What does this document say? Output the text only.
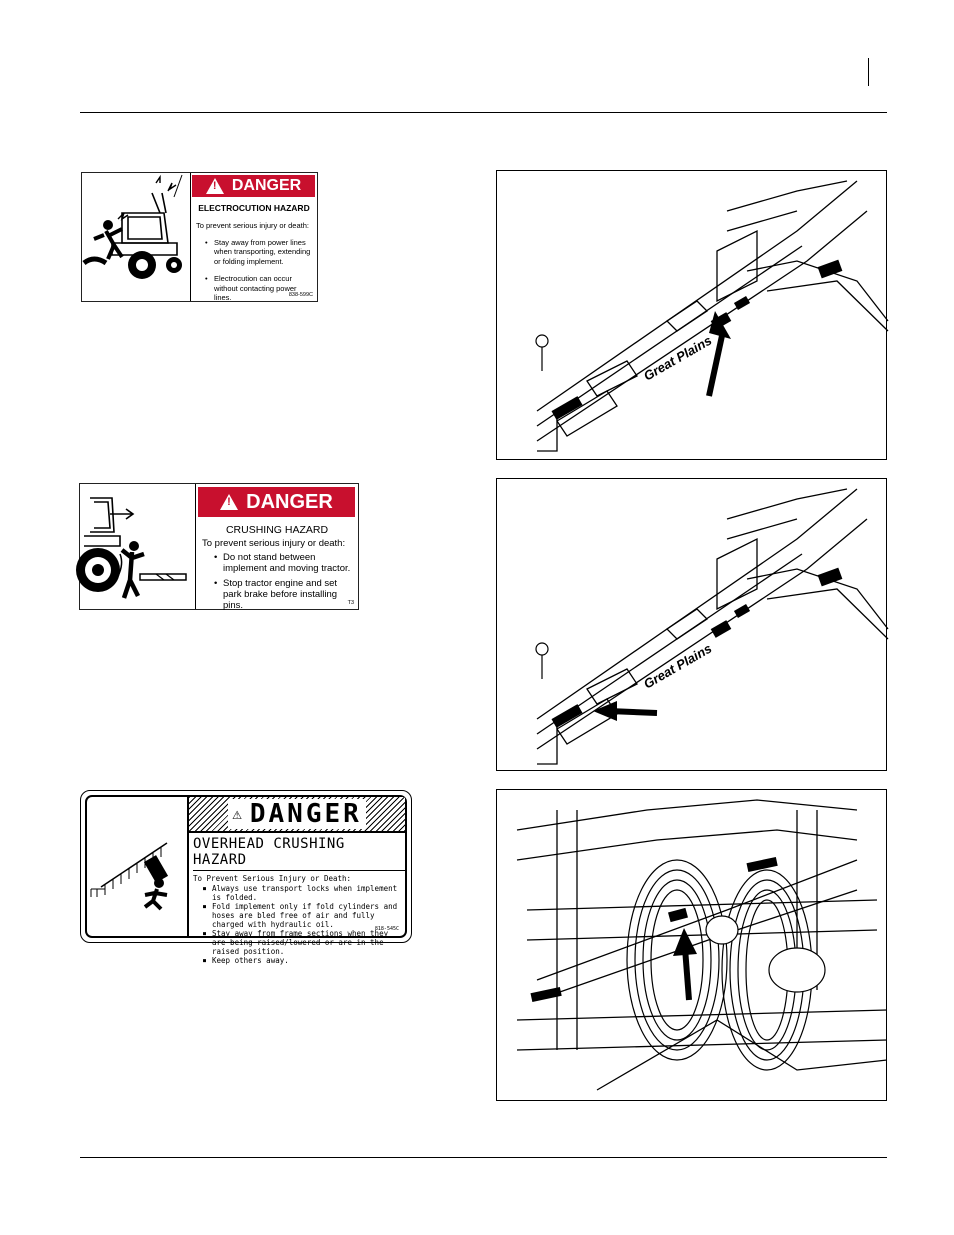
!
DANGER
ELECTROCUTION HAZARD
To prevent serious injury or death:
• Stay away from power lines when transporting, extending or folding implement.
• Electrocution can occur without contacting power lines.	838-599C
!
DANGER
CRUSHING HAZARD
To prevent serious injury or death:
• Do not stand between implement and moving tractor.
• Stop tractor engine and set park brake before installing pins.	T3
⚠ DANGER
OVERHEAD CRUSHING HAZARD
To Prevent Serious Injury or Death:
■ Always use transport locks when implement is folded.
■ Fold implement only if fold cylinders and hoses are bled free of air and fully charged with hydraulic oil.
■ Stay away from frame sections when they are being raised/lowered or are in the raised position.
■ Keep others away.
818-545C
Great Plains
Great Plains
